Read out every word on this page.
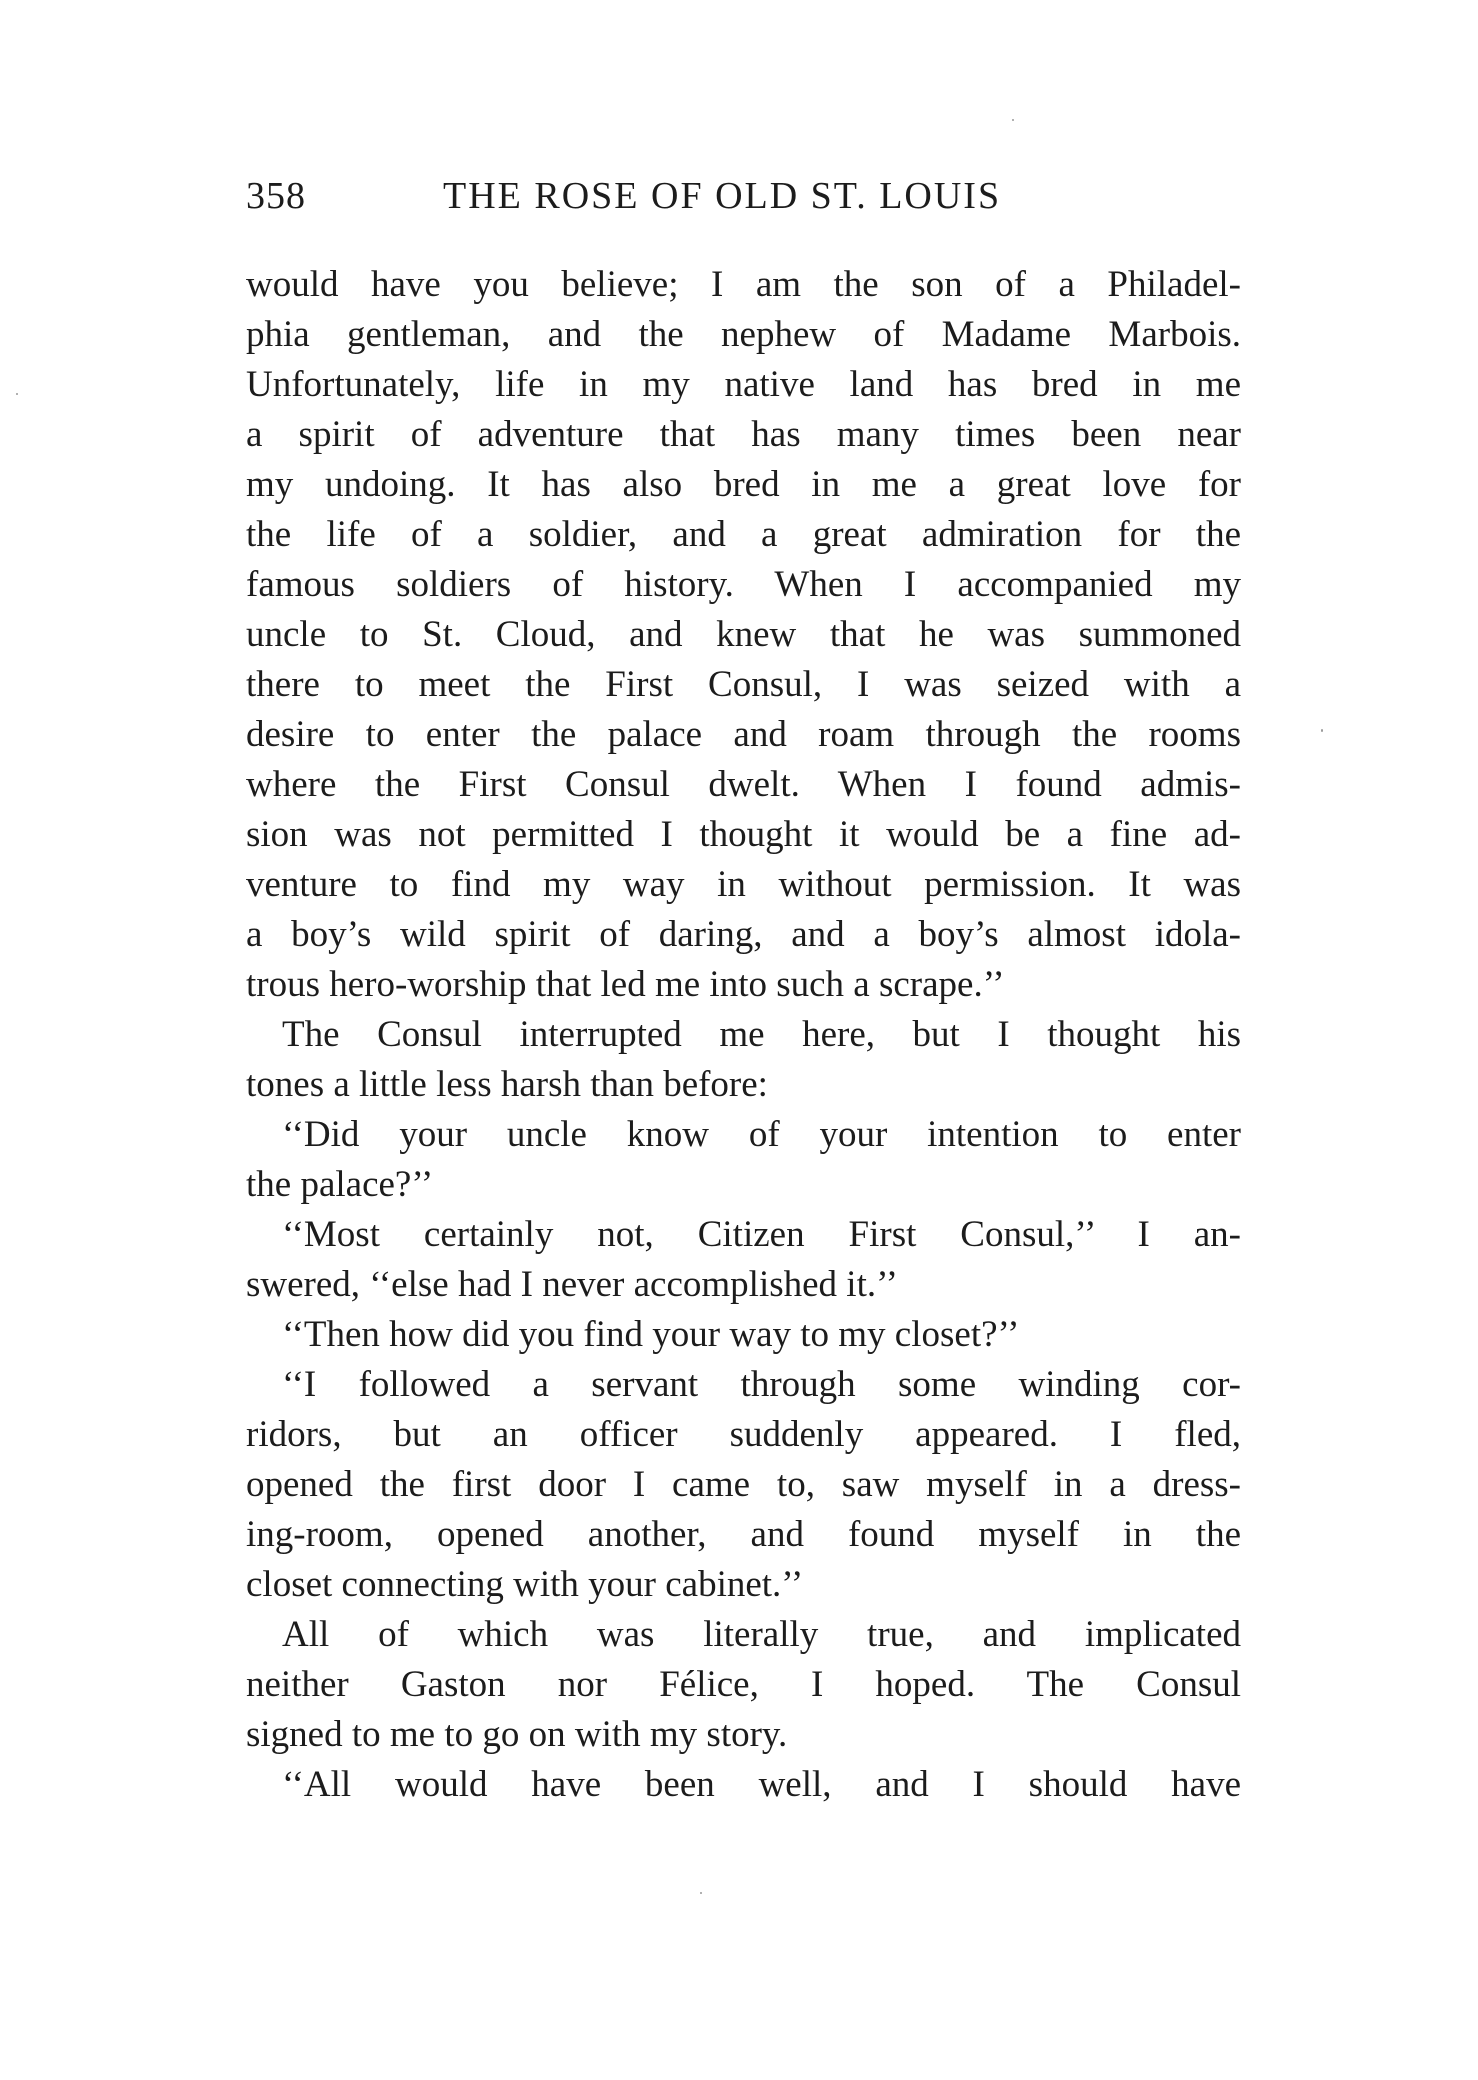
358	THE ROSE OF OLD ST. LOUIS
would have you believe; I am the son of a Philadel-
phia gentleman, and the nephew of Madame Marbois.
Unfortunately, life in my native land has bred in me
a spirit of adventure that has many times been near
my undoing. It has also bred in me a great love for
the life of a soldier, and a great admiration for the
famous soldiers of history. When I accompanied my
uncle to St. Cloud, and knew that he was summoned
there to meet the First Consul, I was seized with a
desire to enter the palace and roam through the rooms
where the First Consul dwelt. When I found admis-
sion was not permitted I thought it would be a fine ad-
venture to find my way in without permission. It was
a boy’s wild spirit of daring, and a boy’s almost idola-
trous hero-worship that led me into such a scrape.’’
The Consul interrupted me here, but I thought his
tones a little less harsh than before:
‘‘Did your uncle know of your intention to enter
the palace?’’
‘‘Most certainly not, Citizen First Consul,’’ I an-
swered, ‘‘else had I never accomplished it.’’
‘‘Then how did you find your way to my closet?’’
‘‘I followed a servant through some winding cor-
ridors, but an officer suddenly appeared. I fled,
opened the first door I came to, saw myself in a dress-
ing-room, opened another, and found myself in the
closet connecting with your cabinet.’’
All of which was literally true, and implicated
neither Gaston nor Félice, I hoped. The Consul
signed to me to go on with my story.
‘‘All would have been well, and I should have
